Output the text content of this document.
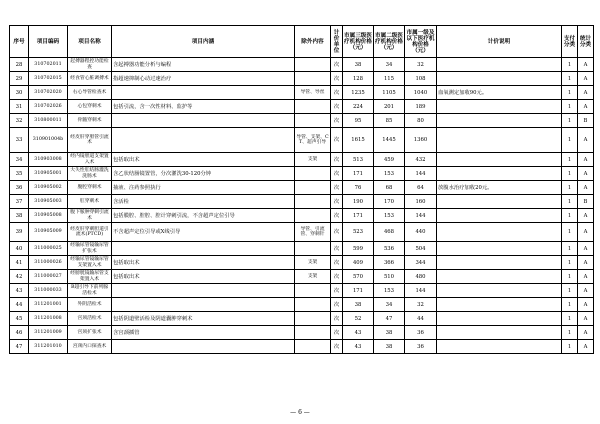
序号	项目编码	项目名称	项目内涵	除外内容	计价单位	市属三级医疗机构价格（元）	市属二级医疗机构价格（元）	市属一级及以下医疗机构价格（元）	计价说明	支付分类	统计分类
28	310702011	起搏器程控功能检查	含起搏器功能分析与编程		次	38	34	32		1	A
29	310702015	经食管心脏调搏术	指超速抑制心动过速治疗		次	128	115	108		1	A
30	310702020	右心导管检查术		导管、导丝	次	1235	1105	1040	血氧测定加收90元。	1	A
31	310702026	心包穿刺术	包括引流，含一次性材料、监护等		次	224	201	189		1	A
32	310800011	骨髓穿刺术			次	95	85	80		1	B
33	310901004b	经皮肝穿胆管引流术		导管、支架、CT、超声引导	次	1615	1445	1360		1	A
34	310903008	经内镜胆道支架置入术	包括取出术	支架	次	513	459	432		1	A
35	310905001	大失性肛结肠灌洗洗肠术	含乙状结肠镜置管，分次灌洗30-120分钟		次	171	153	144		1	A
36	310905002	腹腔穿刺术	抽液、注药参照执行		次	76	68	64	放腹水治疗加收20元。	1	A
37	310905003	肛穿刺术	含活检		次	190	170	160		1	B
38	310905008	腹下脓肿穿刺引流术	包括膜腔、腔腔、腔计穿刺引流，不含超声定位引导		次	171	153	144		1	A
39	310905009	经皮肝穿刺胆道引流术(PTCD)	不含超声定位引导或X线引导	导管、引流管、穿刺针	次	523	468	440		1	A
40	311000025	经输尿管镜输尿管扩张术			次	599	536	504		1	A
41	311000026	经输尿管镜输尿管支架置入术	包括取出术	支架	次	409	366	344		1	A
42	311000027	经膀胱镜输尿管支架置入术	包括取出术	支架	次	570	510	480		1	A
43	311000033	B超引导下前列腺活检术			次	171	153	144		1	A
44	311201001	外阴活检术			次	38	34	32		1	A
45	311201008	宫颈活检术	包括阴道壁活检及阴道囊肿穿刺术		次	52	47	44		1	A
46	311201009	宫颈扩张术	含宫颈插管		次	43	38	36		1	A
47	311201010	宫颈内口探查术			次	43	38	36		1	A
— 6 —
